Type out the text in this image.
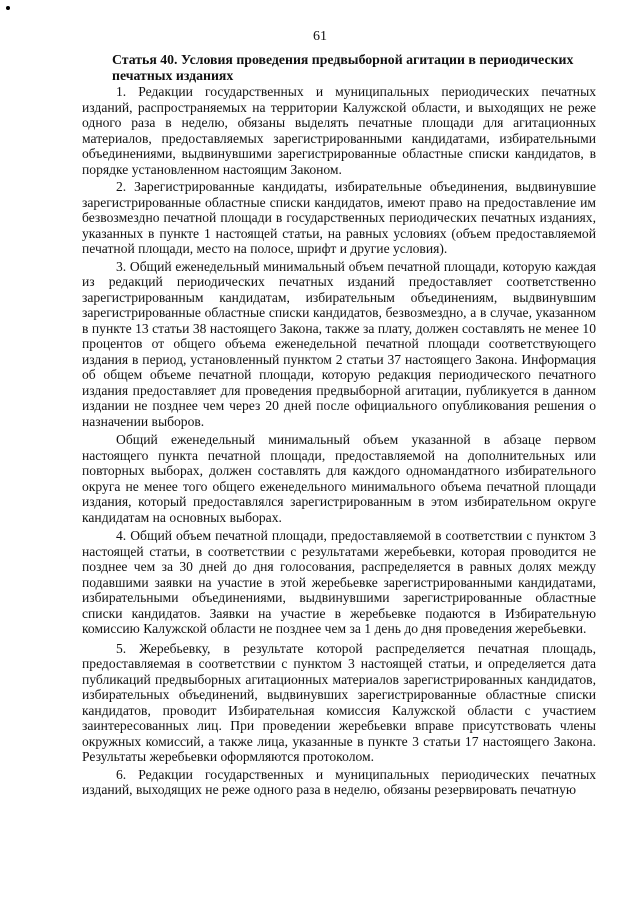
61

Статья 40. Условия проведения предвыборной агитации в периодических печатных изданиях

1. Редакции государственных и муниципальных периодических печатных изданий, распространяемых на территории Калужской области, и выходящих не реже одного раза в неделю, обязаны выделять печатные площади для агитационных материалов, предоставляемых зарегистрированными кандидатами, избирательными объединениями, выдвинувшими зарегистрированные областные списки кандидатов, в порядке установленном настоящим Законом.

2. Зарегистрированные кандидаты, избирательные объединения, выдвинувшие зарегистрированные областные списки кандидатов, имеют право на предоставление им безвозмездно печатной площади в государственных периодических печатных изданиях, указанных в пункте 1 настоящей статьи, на равных условиях (объем предоставляемой печатной площади, место на полосе, шрифт и другие условия).

3. Общий еженедельный минимальный объем печатной площади, которую каждая из редакций периодических печатных изданий предоставляет соответственно зарегистрированным кандидатам, избирательным объединениям, выдвинувшим зарегистрированные областные списки кандидатов, безвозмездно, а в случае, указанном в пункте 13 статьи 38 настоящего Закона, также за плату, должен составлять не менее 10 процентов от общего объема еженедельной печатной площади соответствующего издания в период, установленный пунктом 2 статьи 37 настоящего Закона. Информация об общем объеме печатной площади, которую редакция периодического печатного издания предоставляет для проведения предвыборной агитации, публикуется в данном издании не позднее чем через 20 дней после официального опубликования решения о назначении выборов.

Общий еженедельный минимальный объем указанной в абзаце первом настоящего пункта печатной площади, предоставляемой на дополнительных или повторных выборах, должен составлять для каждого одномандатного избирательного округа не менее того общего еженедельного минимального объема печатной площади издания, который предоставлялся зарегистрированным в этом избирательном округе кандидатам на основных выборах.

4. Общий объем печатной площади, предоставляемой в соответствии с пунктом 3 настоящей статьи, в соответствии с результатами жеребьевки, которая проводится не позднее чем за 30 дней до дня голосования, распределяется в равных долях между подавшими заявки на участие в этой жеребьевке зарегистрированными кандидатами, избирательными объединениями, выдвинувшими зарегистрированные областные списки кандидатов. Заявки на участие в жеребьевке подаются в Избирательную комиссию Калужской области не позднее чем за 1 день до дня проведения жеребьевки.

5. Жеребьевку, в результате которой распределяется печатная площадь, предоставляемая в соответствии с пунктом 3 настоящей статьи, и определяется дата публикаций предвыборных агитационных материалов зарегистрированных кандидатов, избирательных объединений, выдвинувших зарегистрированные областные списки кандидатов, проводит Избирательная комиссия Калужской области с участием заинтересованных лиц. При проведении жеребьевки вправе присутствовать члены окружных комиссий, а также лица, указанные в пункте 3 статьи 17 настоящего Закона. Результаты жеребьевки оформляются протоколом.

6. Редакции государственных и муниципальных периодических печатных изданий, выходящих не реже одного раза в неделю, обязаны резервировать печатную
